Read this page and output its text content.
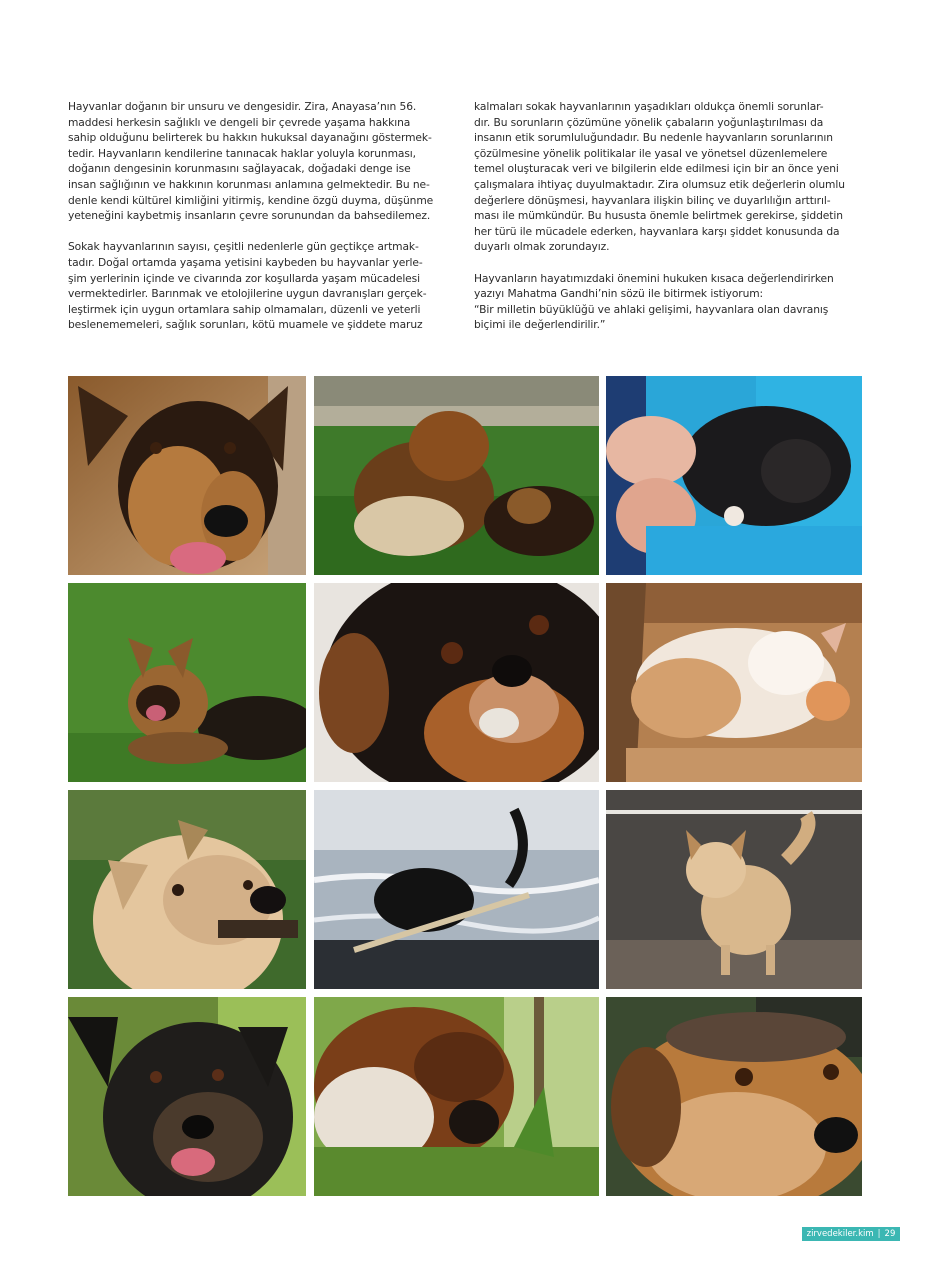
Hayvanlar doğanın bir unsuru ve dengesidir. Zira, Anayasa’nın 56.
maddesi herkesin sağlıklı ve dengeli bir çevrede yaşama hakkına
sahip olduğunu belirterek bu hakkın hukuksal dayanağını göstermek-
tedir. Hayvanların kendilerine tanınacak haklar yoluyla korunması,
doğanın dengesinin korunmasını sağlayacak, doğadaki denge ise
insan sağlığının ve hakkının korunması anlamına gelmektedir. Bu ne-
denle kendi kültürel kimliğini yitirmiş, kendine özgü duyma, düşünme
yeteneğini kaybetmiş insanların çevre sorunundan da bahsedilemez.

Sokak hayvanlarının sayısı, çeşitli nedenlerle gün geçtikçe artmak-
tadır. Doğal ortamda yaşama yetisini kaybeden bu hayvanlar yerle-
şim yerlerinin içinde ve civarında zor koşullarda yaşam mücadelesi
vermektedirler. Barınmak ve etolojilerine uygun davranışları gerçek-
leştirmek için uygun ortamlara sahip olmamaları, düzenli ve yeterli
beslenememeleri, sağlık sorunları, kötü muamele ve şiddete maruz

kalmaları sokak hayvanlarının yaşadıkları oldukça önemli sorunlar-
dır. Bu sorunların çözümüne yönelik çabaların yoğunlaştırılması da
insanın etik sorumluluğundadır. Bu nedenle hayvanların sorunlarının
çözülmesine yönelik politikalar ile yasal ve yönetsel düzenlemelere
temel oluşturacak veri ve bilgilerin elde edilmesi için bir an önce yeni
çalışmalara ihtiyaç duyulmaktadır. Zira olumsuz etik değerlerin olumlu
değerlere dönüşmesi, hayvanlara ilişkin bilinç ve duyarlılığın arttırıl-
ması ile mümkündür. Bu hususta önemle belirtmek gerekirse, şiddetin
her türü ile mücadele ederken, hayvanlara karşı şiddet konusunda da
duyarlı olmak zorundayız.

Hayvanların hayatımızdaki önemini hukuken kısaca değerlendirirken
yazıyı Mahatma Gandhi’nin sözü ile bitirmek istiyorum:
“Bir milletin büyüklüğü ve ahlaki gelişimi, hayvanlara olan davranış
biçimi ile değerlendirilir.”

zirvedekiler.kim | 29
